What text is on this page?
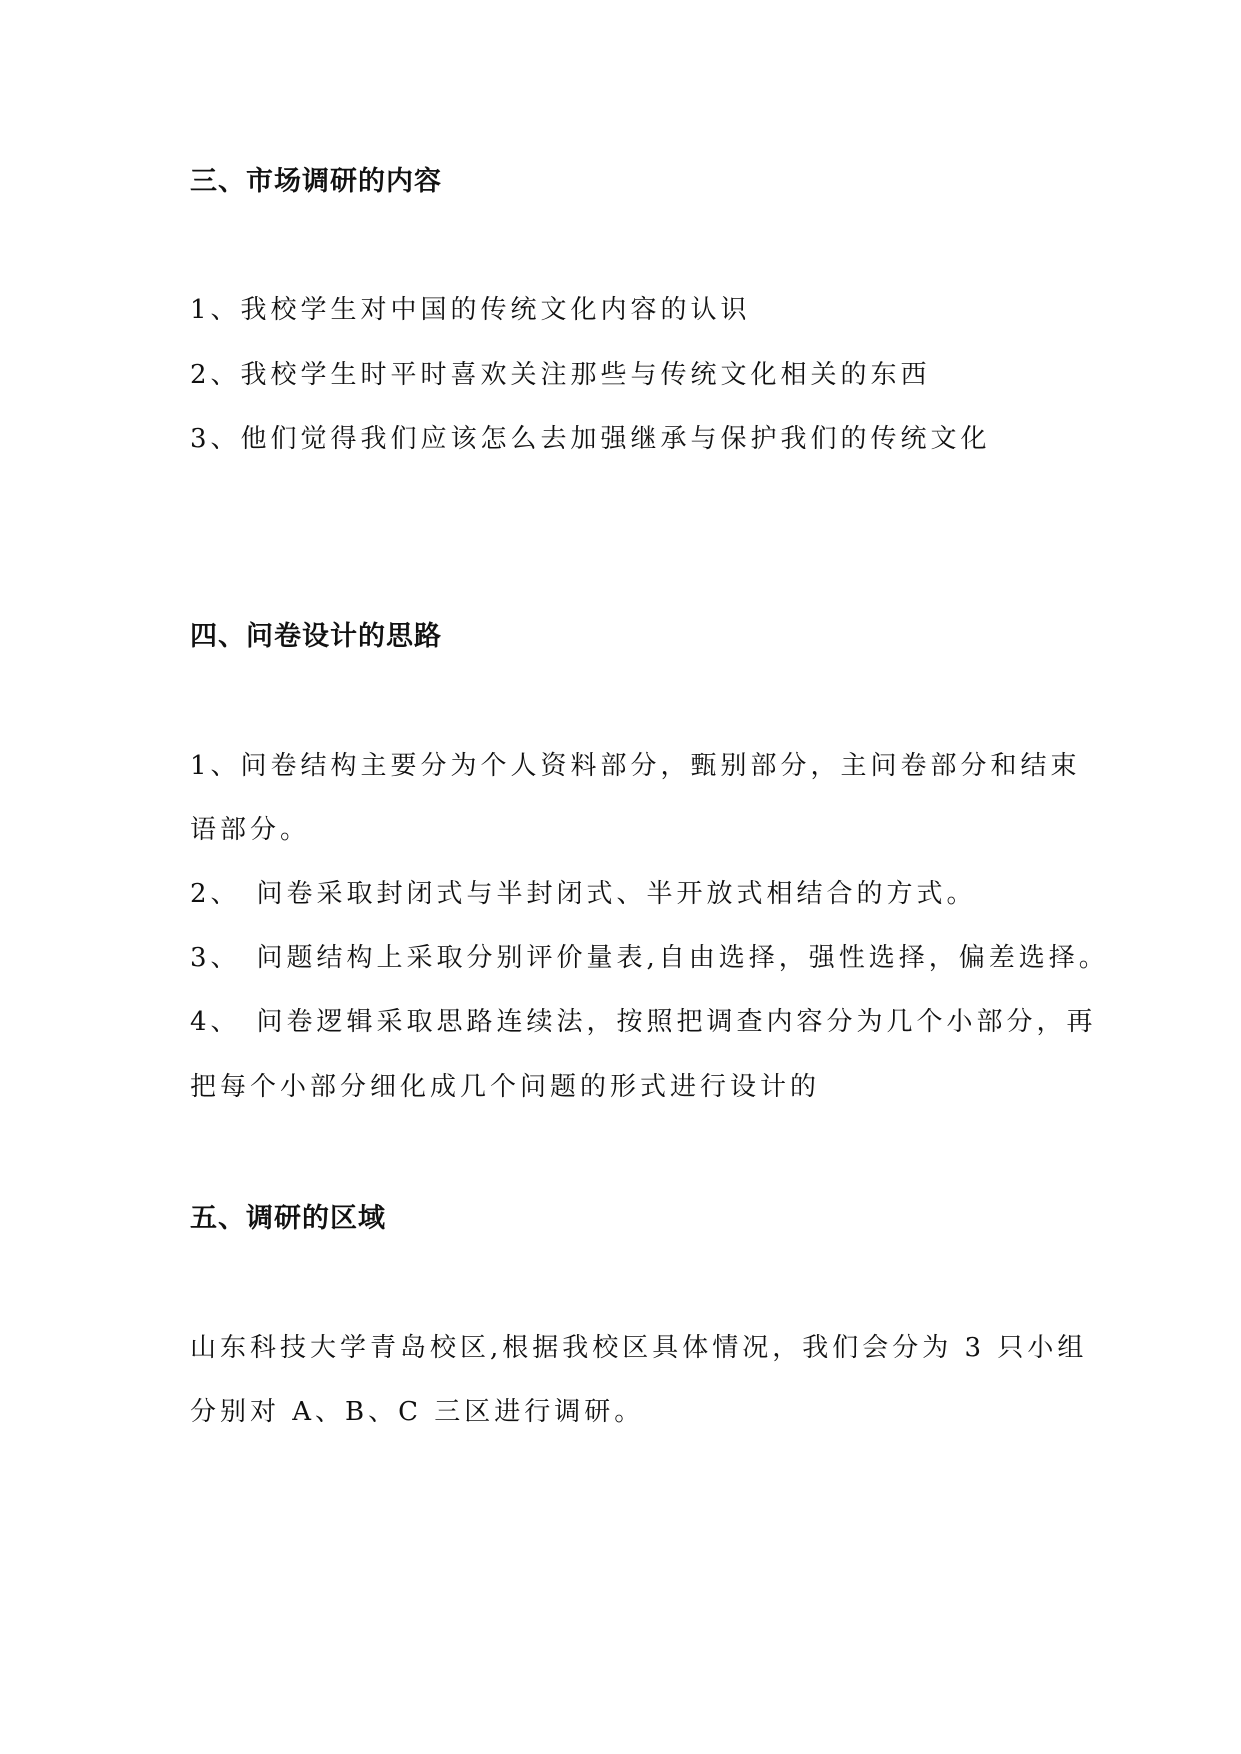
三、市场调研的内容
1、我校学生对中国的传统文化内容的认识
2、我校学生时平时喜欢关注那些与传统文化相关的东西
3、他们觉得我们应该怎么去加强继承与保护我们的传统文化
四、问卷设计的思路
1、问卷结构主要分为个人资料部分，甄别部分，主问卷部分和结束
语部分。
2、 问卷采取封闭式与半封闭式、半开放式相结合的方式。
3、 问题结构上采取分别评价量表,自由选择，强性选择，偏差选择。
4、 问卷逻辑采取思路连续法，按照把调查内容分为几个小部分，再
把每个小部分细化成几个问题的形式进行设计的
五、调研的区域
山东科技大学青岛校区,根据我校区具体情况，我们会分为 3 只小组
分别对 A、B、C 三区进行调研。
